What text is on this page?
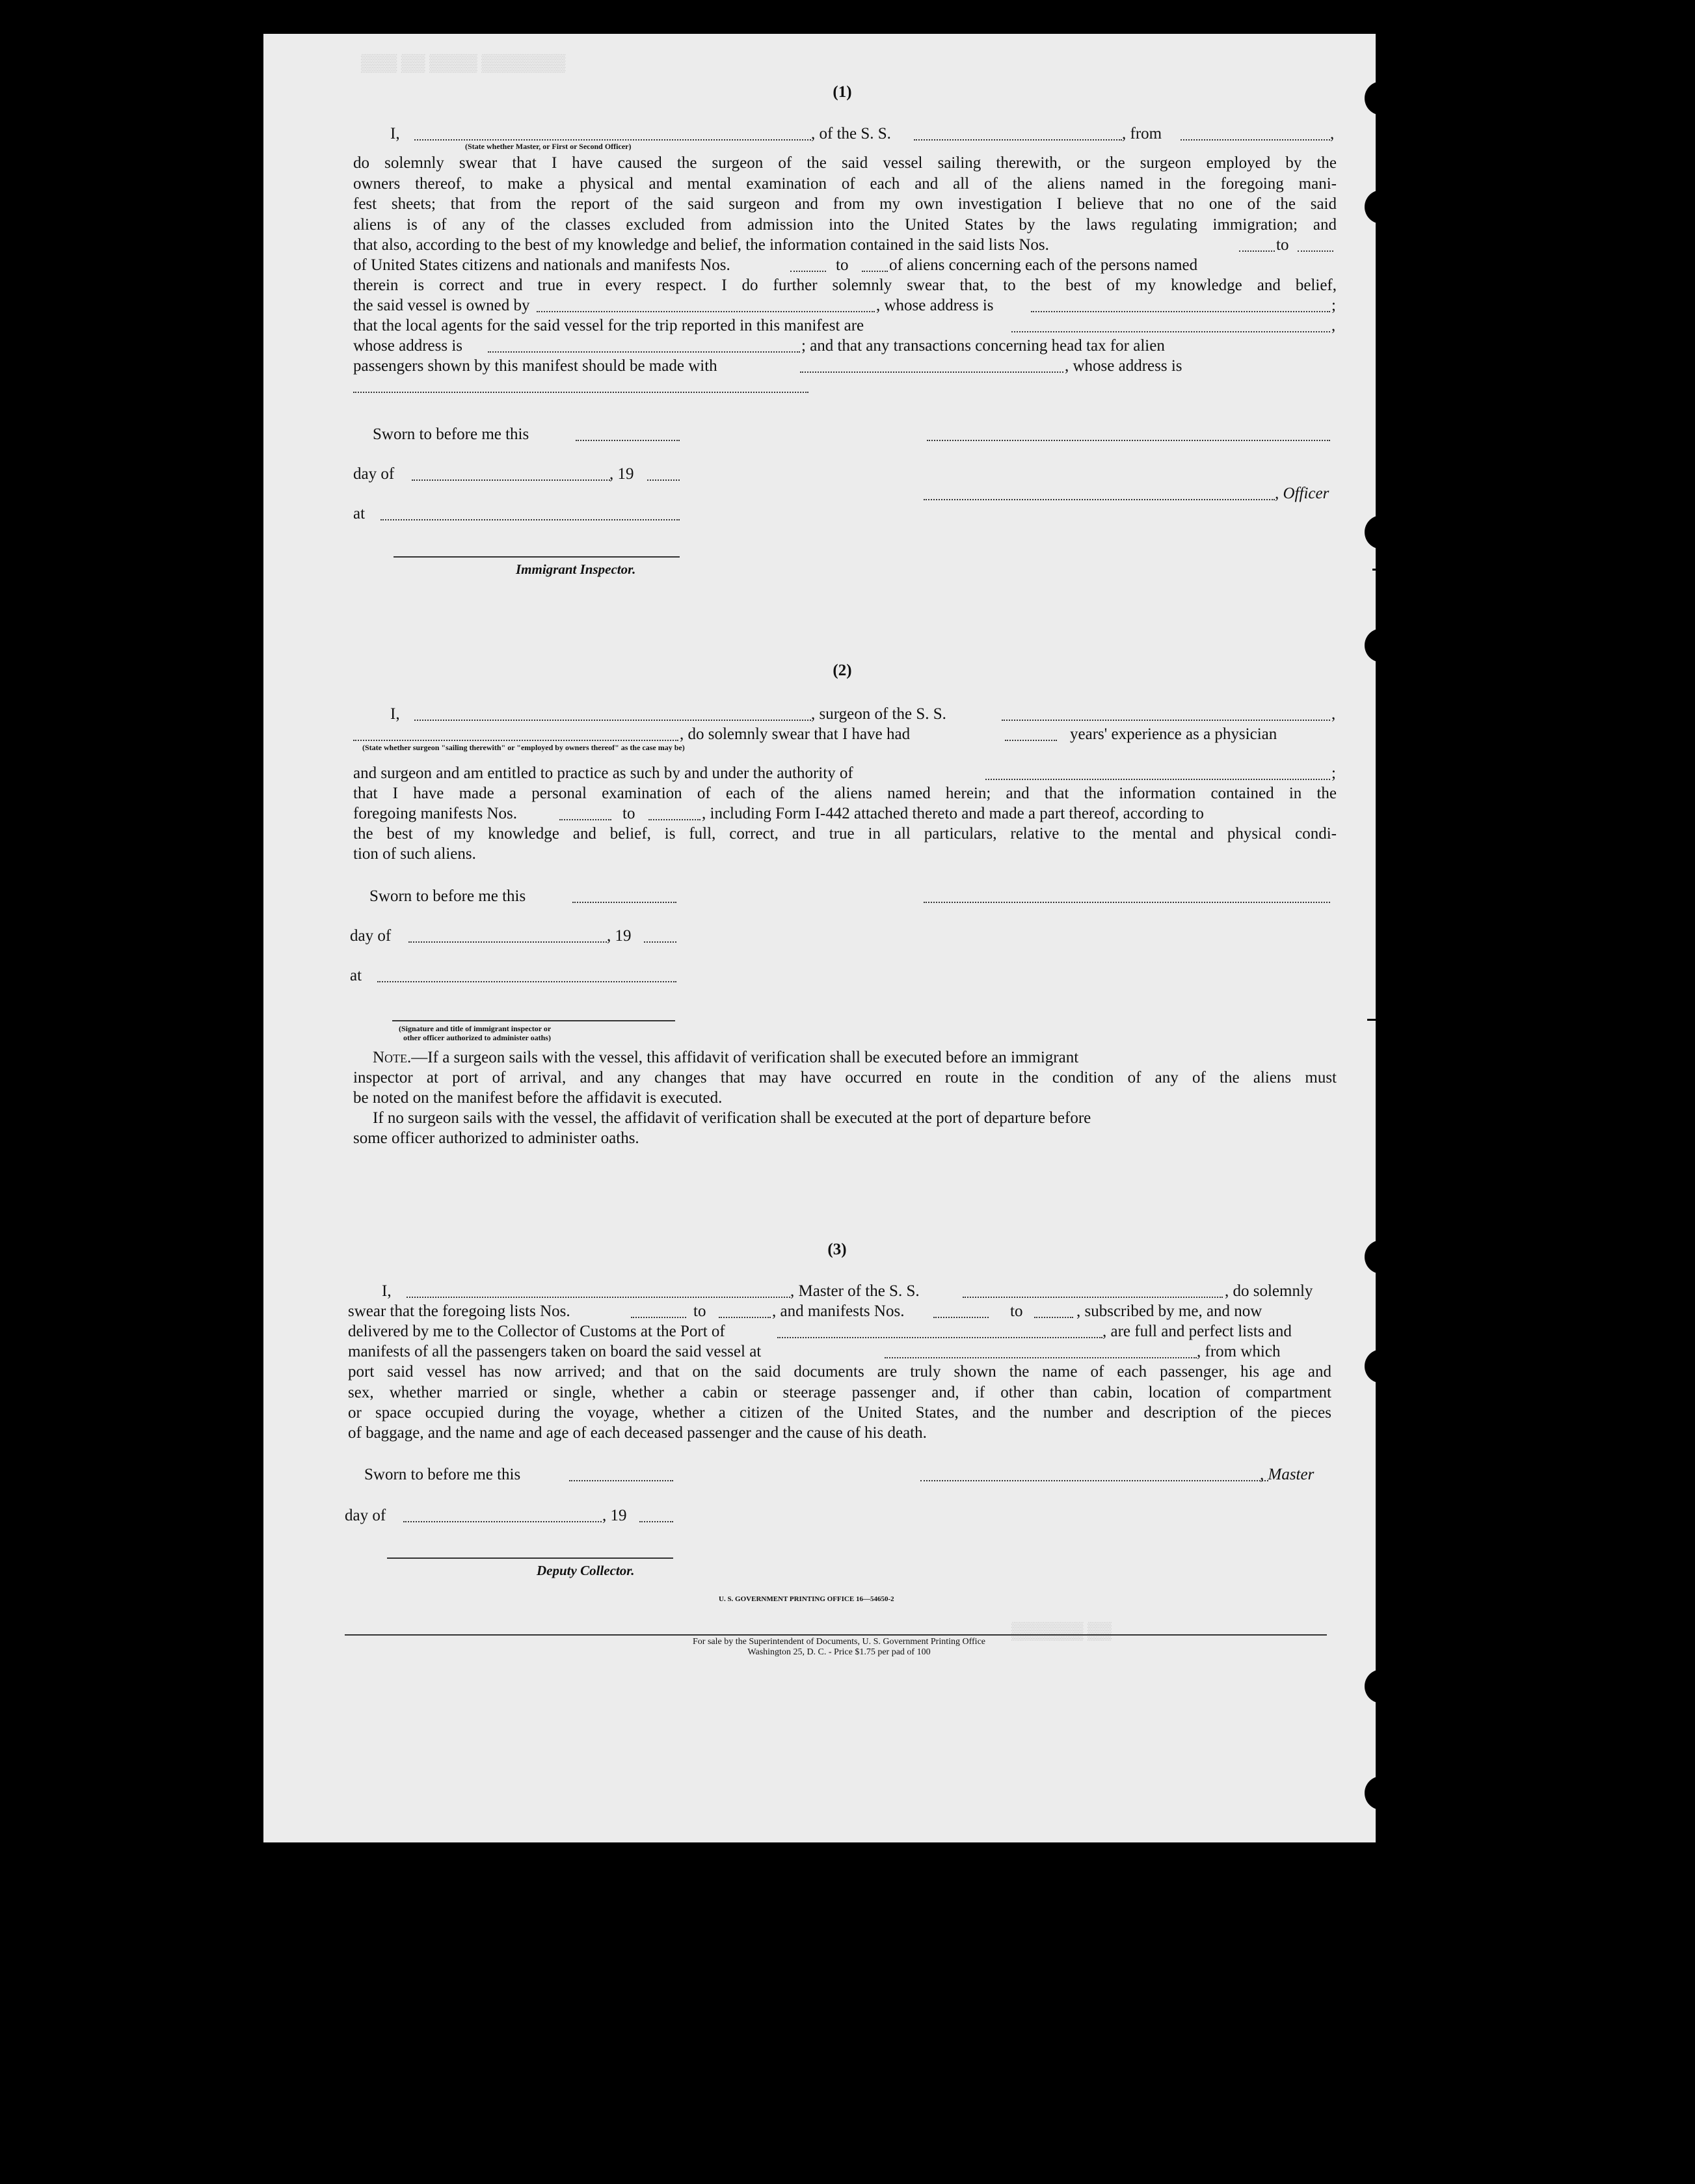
▒▒▒ ▒▒ ▒▒▒▒ ▒▒▒▒▒▒▒
▒▒▒▒▒▒ ▒▒
(1)
I,	, of the S. S.	, from	,
(State whether Master, or First or Second Officer)
do solemnly swear that I have caused the surgeon of the said vessel sailing therewith, or the surgeon employed by the
owners thereof, to make a physical and mental examination of each and all of the aliens named in the foregoing mani-
fest sheets; that from the report of the said surgeon and from my own investigation I believe that no one of the said
aliens is of any of the classes excluded from admission into the United States by the laws regulating immigration; and
that also, according to the best of my knowledge and belief, the information contained in the said lists Nos.	to
of United States citizens and nationals and manifests Nos.	to	of aliens concerning each of the persons named
therein is correct and true in every respect. I do further solemnly swear that, to the best of my knowledge and belief,
the said vessel is owned by	, whose address is	;
that the local agents for the said vessel for the trip reported in this manifest are	,
whose address is	; and that any transactions concerning head tax for alien
passengers shown by this manifest should be made with	, whose address is
Sworn to before me this
day of	, 19
, Officer
at
Immigrant Inspector.
(2)
I,	, surgeon of the S. S.	,
, do solemnly swear that I have had	years' experience as a physician
(State whether surgeon "sailing therewith" or "employed by owners thereof" as the case may be)
and surgeon and am entitled to practice as such by and under the authority of	;
that I have made a personal examination of each of the aliens named herein; and that the information contained in the
foregoing manifests Nos.	to	, including Form I-442 attached thereto and made a part thereof, according to
the best of my knowledge and belief, is full, correct, and true in all particulars, relative to the mental and physical condi-
tion of such aliens.
Sworn to before me this
day of	, 19
at
(Signature and title of immigrant inspector or
other officer authorized to administer oaths)
Note.—If a surgeon sails with the vessel, this affidavit of verification shall be executed before an immigrant
inspector at port of arrival, and any changes that may have occurred en route in the condition of any of the aliens must
be noted on the manifest before the affidavit is executed.
If no surgeon sails with the vessel, the affidavit of verification shall be executed at the port of departure before
some officer authorized to administer oaths.
(3)
I,	, Master of the S. S.	, do solemnly
swear that the foregoing lists Nos.	to	, and manifests Nos.	to	, subscribed by me, and now
delivered by me to the Collector of Customs at the Port of	, are full and perfect lists and
manifests of all the passengers taken on board the said vessel at	, from which
port said vessel has now arrived; and that on the said documents are truly shown the name of each passenger, his age and
sex, whether married or single, whether a cabin or steerage passenger and, if other than cabin, location of compartment
or space occupied during the voyage, whether a citizen of the United States, and the number and description of the pieces
of baggage, and the name and age of each deceased passenger and the cause of his death.
Sworn to before me this	, Master
day of	, 19
Deputy Collector.
U. S. GOVERNMENT PRINTING OFFICE 16—54650-2
For sale by the Superintendent of Documents, U. S. Government Printing Office
Washington 25, D. C. - Price $1.75 per pad of 100
